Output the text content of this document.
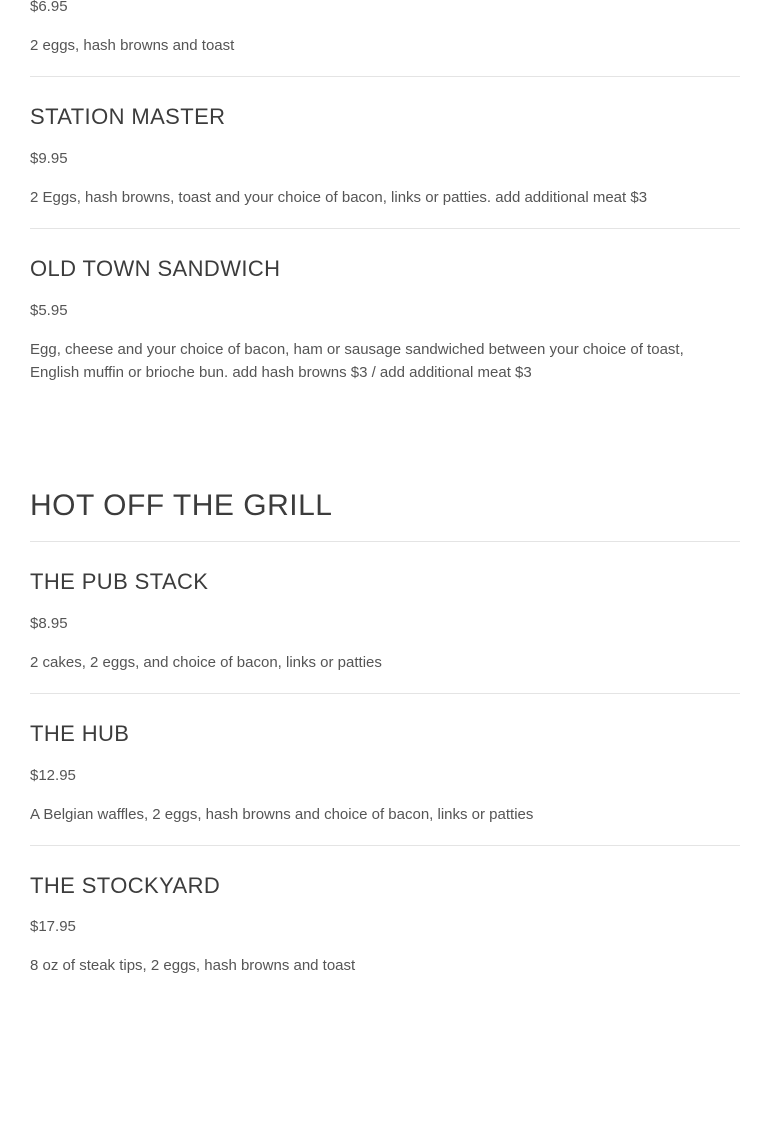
$6.95

2 eggs, hash browns and toast

STATION MASTER

$9.95

2 Eggs, hash browns, toast and your choice of bacon, links or patties. add additional meat $3

OLD TOWN SANDWICH

$5.95

Egg, cheese and your choice of bacon, ham or sausage sandwiched between your choice of toast, English muffin or brioche bun. add hash browns $3 / add additional meat $3

HOT OFF THE GRILL
THE PUB STACK

$8.95

2 cakes, 2 eggs, and choice of bacon, links or patties

THE HUB

$12.95

A Belgian waffles, 2 eggs, hash browns and choice of bacon, links or patties

THE STOCKYARD

$17.95

8 oz of steak tips, 2 eggs, hash browns and toast
